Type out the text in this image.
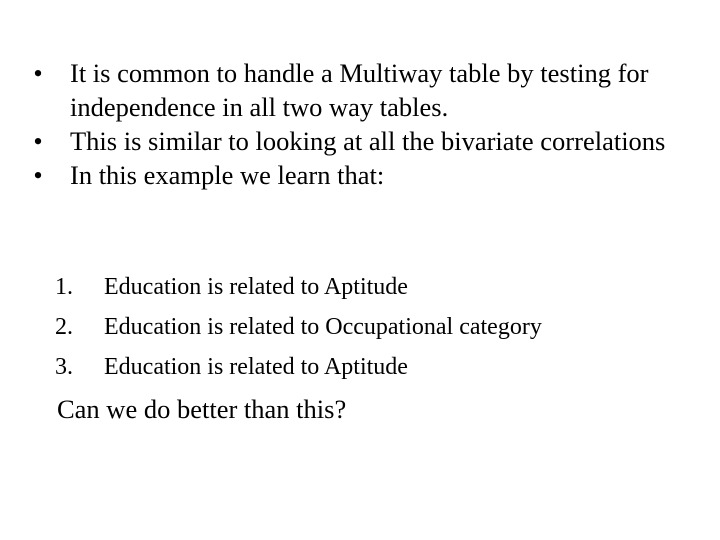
• It is common to handle a Multiway table by testing for independence in all two way tables.
• This is similar to looking at all the bivariate correlations
• In this example we learn that:
1. Education is related to Aptitude
2. Education is related to Occupational category
3. Education is related to Aptitude

Can we do better than this?
